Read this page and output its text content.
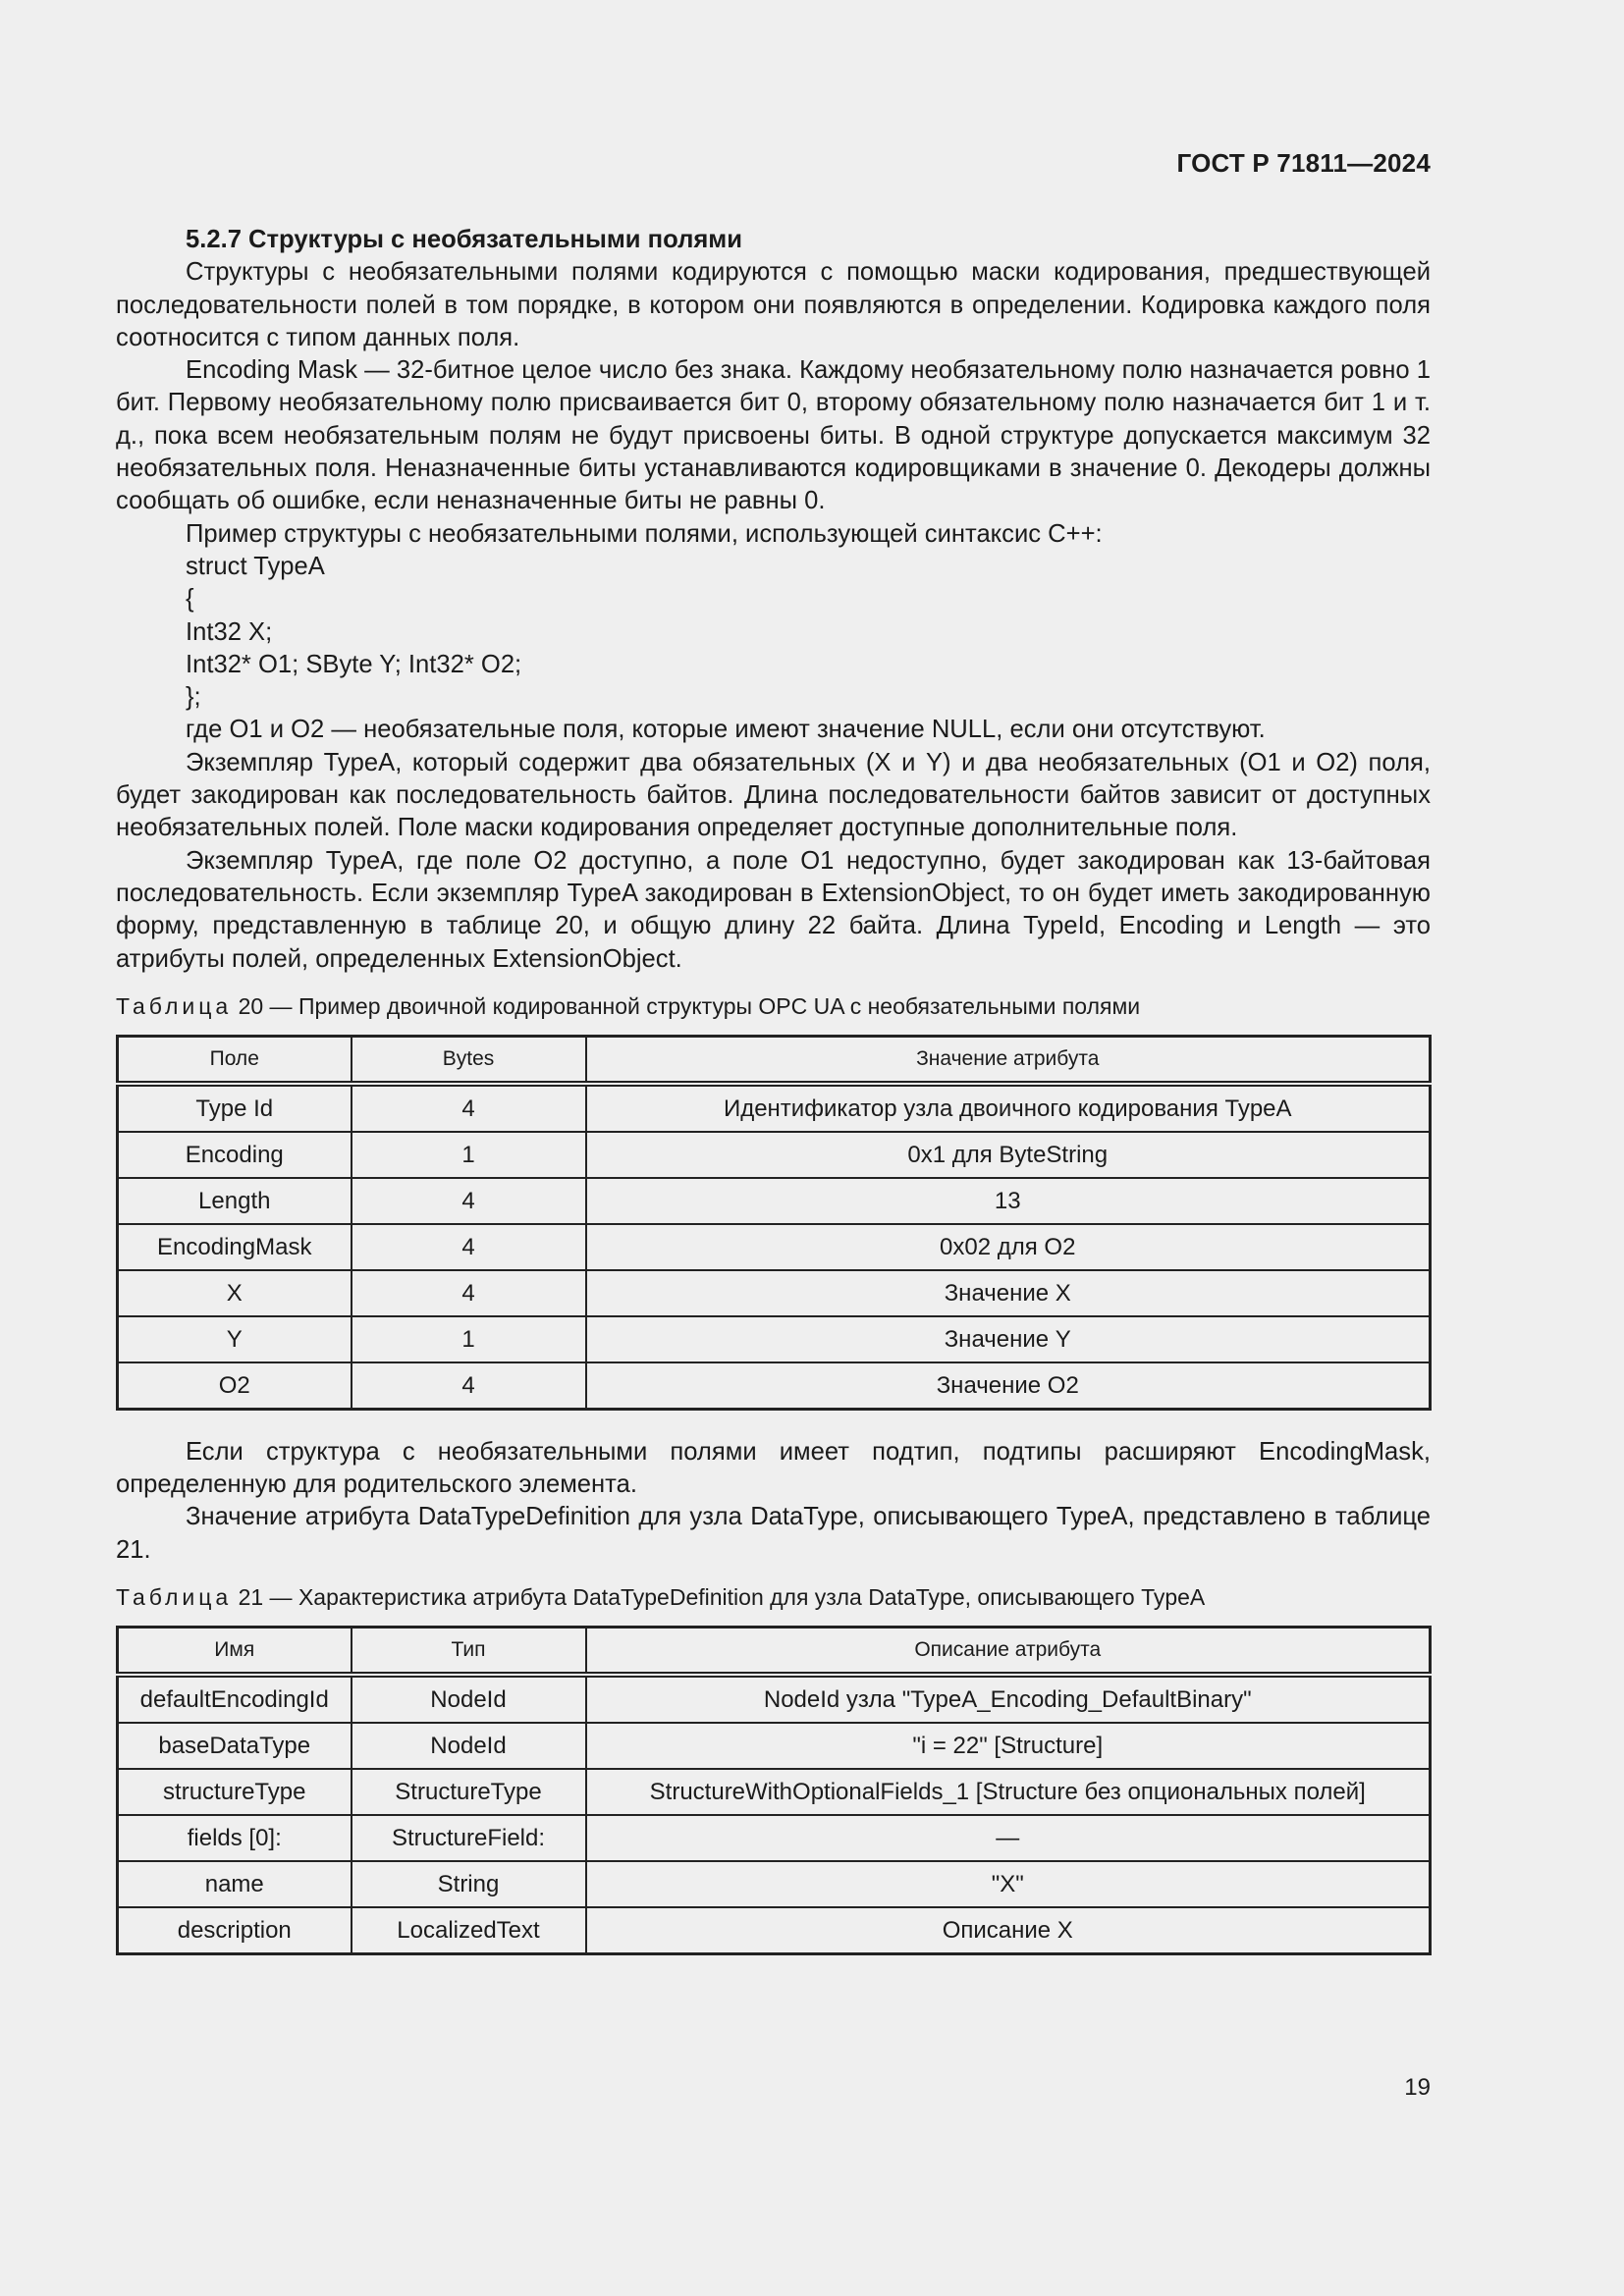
ГОСТ Р 71811—2024
5.2.7 Структуры с необязательными полями

Структуры с необязательными полями кодируются с помощью маски кодирования, предшествующей последовательности полей в том порядке, в котором они появляются в определении. Кодировка каждого поля соотносится с типом данных поля.

Encoding Mask — 32-битное целое число без знака. Каждому необязательному полю назначается ровно 1 бит. Первому необязательному полю присваивается бит 0, второму обязательному полю назначается бит 1 и т. д., пока всем необязательным полям не будут присвоены биты. В одной структуре допускается максимум 32 необязательных поля. Неназначенные биты устанавливаются кодировщиками в значение 0. Декодеры должны сообщать об ошибке, если неназначенные биты не равны 0.

Пример структуры с необязательными полями, использующей синтаксис С++:

struct TypeA
{
Int32 X;
Int32* O1; SByte Y; Int32* O2;
};

где O1 и O2 — необязательные поля, которые имеют значение NULL, если они отсутствуют.

Экземпляр TypeA, который содержит два обязательных (X и Y) и два необязательных (O1 и O2) поля, будет закодирован как последовательность байтов. Длина последовательности байтов зависит от доступных необязательных полей. Поле маски кодирования определяет доступные дополнительные поля.

Экземпляр TypeA, где поле O2 доступно, а поле O1 недоступно, будет закодирован как 13-байтовая последовательность. Если экземпляр TypeA закодирован в ExtensionObject, то он будет иметь закодированную форму, представленную в таблице 20, и общую длину 22 байта. Длина TypeId, Encoding и Length — это атрибуты полей, определенных ExtensionObject.

Таблица 20 — Пример двоичной кодированной структуры OPC UA с необязательными полями
Поле	Bytes	Значение атрибута
Type Id	4	Идентификатор узла двоичного кодирования TypeA
Encoding	1	0x1 для ByteString
Length	4	13
EncodingMask	4	0x02 для O2
X	4	Значение X
Y	1	Значение Y
O2	4	Значение O2

Если структура с необязательными полями имеет подтип, подтипы расширяют EncodingMask, определенную для родительского элемента.

Значение атрибута DataTypeDefinition для узла DataType, описывающего TypeA, представлено в таблице 21.

Таблица 21 — Характеристика атрибута DataTypeDefinition для узла DataType, описывающего TypeA
Имя	Тип	Описание атрибута
defaultEncodingId	NodeId	NodeId узла "TypeA_Encoding_DefaultBinary"
baseDataType	NodeId	"i = 22" [Structure]
structureType	StructureType	StructureWithOptionalFields_1 [Structure без опциональных полей]
fields [0]:	StructureField:	—
name	String	"X"
description	LocalizedText	Описание X
19
